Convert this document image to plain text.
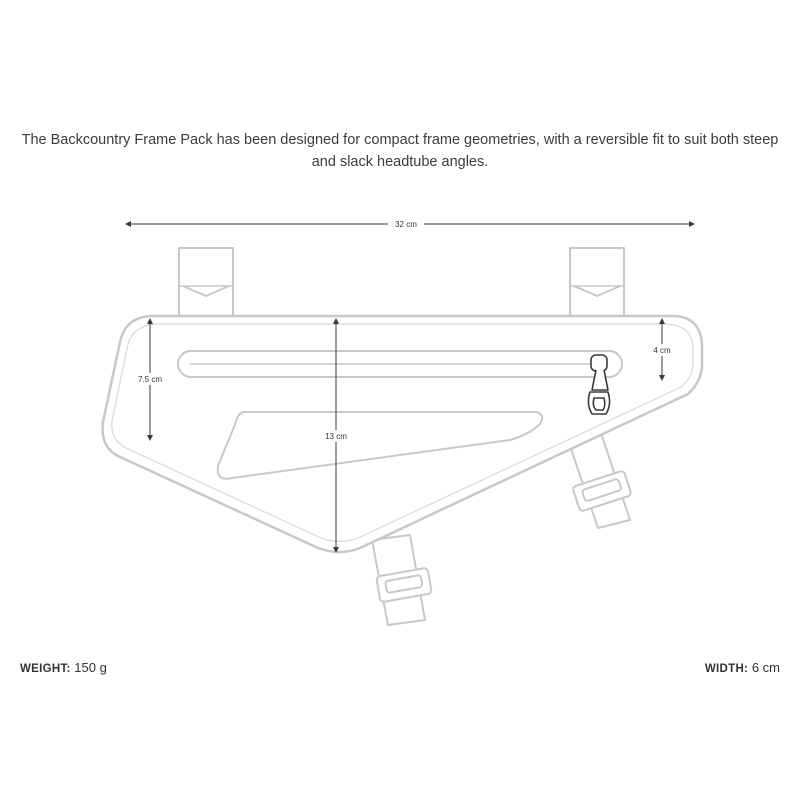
The Backcountry Frame Pack has been designed for compact frame geometries, with a reversible fit to suit both steep and slack headtube angles.

32 cm
7.5 cm
13 cm
4 cm
WEIGHT: 150 g	WIDTH: 6 cm
